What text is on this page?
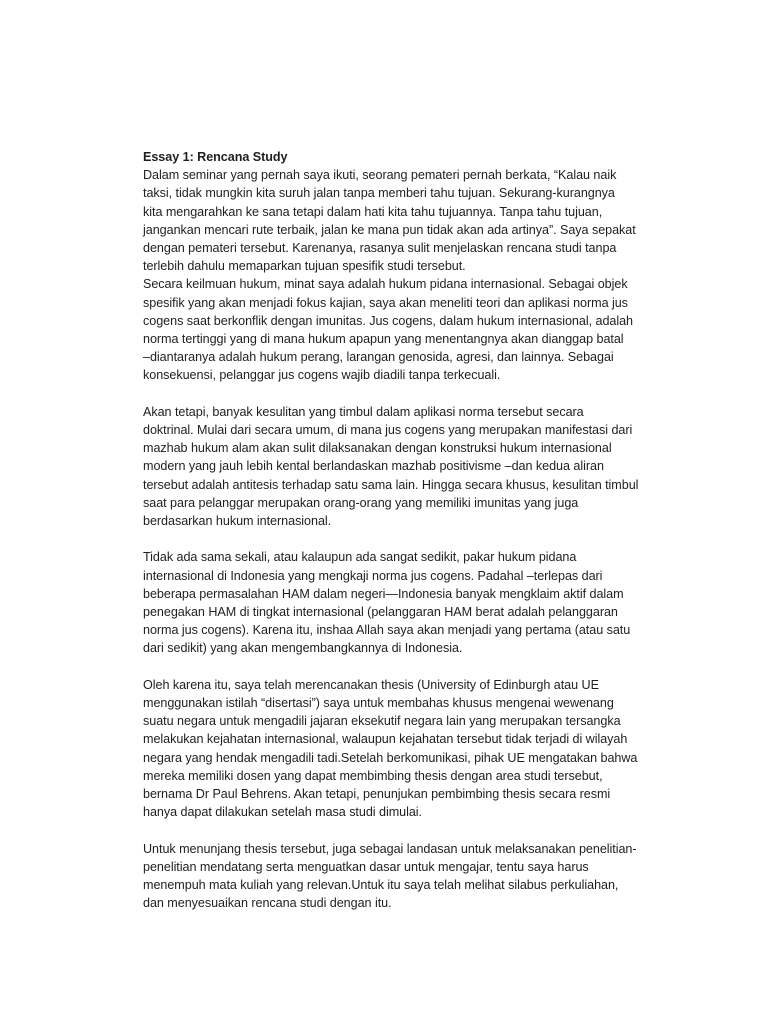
Essay 1: Rencana Study
Dalam seminar yang pernah saya ikuti, seorang pemateri pernah berkata, “Kalau naik
taksi, tidak mungkin kita suruh jalan tanpa memberi tahu tujuan. Sekurang-kurangnya
kita mengarahkan ke sana tetapi dalam hati kita tahu tujuannya. Tanpa tahu tujuan,
jangankan mencari rute terbaik, jalan ke mana pun tidak akan ada artinya”. Saya sepakat
dengan pemateri tersebut. Karenanya, rasanya sulit menjelaskan rencana studi tanpa
terlebih dahulu memaparkan tujuan spesifik studi tersebut.
Secara keilmuan hukum, minat saya adalah hukum pidana internasional. Sebagai objek
spesifik yang akan menjadi fokus kajian, saya akan meneliti teori dan aplikasi norma jus
cogens saat berkonflik dengan imunitas. Jus cogens, dalam hukum internasional, adalah
norma tertinggi yang di mana hukum apapun yang menentangnya akan dianggap batal
–diantaranya adalah hukum perang, larangan genosida, agresi, dan lainnya. Sebagai
konsekuensi, pelanggar jus cogens wajib diadili tanpa terkecuali.
Akan tetapi, banyak kesulitan yang timbul dalam aplikasi norma tersebut secara
doktrinal. Mulai dari secara umum, di mana jus cogens yang merupakan manifestasi dari
mazhab hukum alam akan sulit dilaksanakan dengan konstruksi hukum internasional
modern yang jauh lebih kental berlandaskan mazhab positivisme –dan kedua aliran
tersebut adalah antitesis terhadap satu sama lain. Hingga secara khusus, kesulitan timbul
saat para pelanggar merupakan orang-orang yang memiliki imunitas yang juga
berdasarkan hukum internasional.
Tidak ada sama sekali, atau kalaupun ada sangat sedikit, pakar hukum pidana
internasional di Indonesia yang mengkaji norma jus cogens. Padahal –terlepas dari
beberapa permasalahan HAM dalam negeri—Indonesia banyak mengklaim aktif dalam
penegakan HAM di tingkat internasional (pelanggaran HAM berat adalah pelanggaran
norma jus cogens). Karena itu, inshaa Allah saya akan menjadi yang pertama (atau satu
dari sedikit) yang akan mengembangkannya di Indonesia.
Oleh karena itu, saya telah merencanakan thesis (University of Edinburgh atau UE
menggunakan istilah “disertasi”) saya untuk membahas khusus mengenai wewenang
suatu negara untuk mengadili jajaran eksekutif negara lain yang merupakan tersangka
melakukan kejahatan internasional, walaupun kejahatan tersebut tidak terjadi di wilayah
negara yang hendak mengadili tadi.Setelah berkomunikasi, pihak UE mengatakan bahwa
mereka memiliki dosen yang dapat membimbing thesis dengan area studi tersebut,
bernama Dr Paul Behrens. Akan tetapi, penunjukan pembimbing thesis secara resmi
hanya dapat dilakukan setelah masa studi dimulai.
Untuk menunjang thesis tersebut, juga sebagai landasan untuk melaksanakan penelitian-
penelitian mendatang serta menguatkan dasar untuk mengajar, tentu saya harus
menempuh mata kuliah yang relevan.Untuk itu saya telah melihat silabus perkuliahan,
dan menyesuaikan rencana studi dengan itu.
